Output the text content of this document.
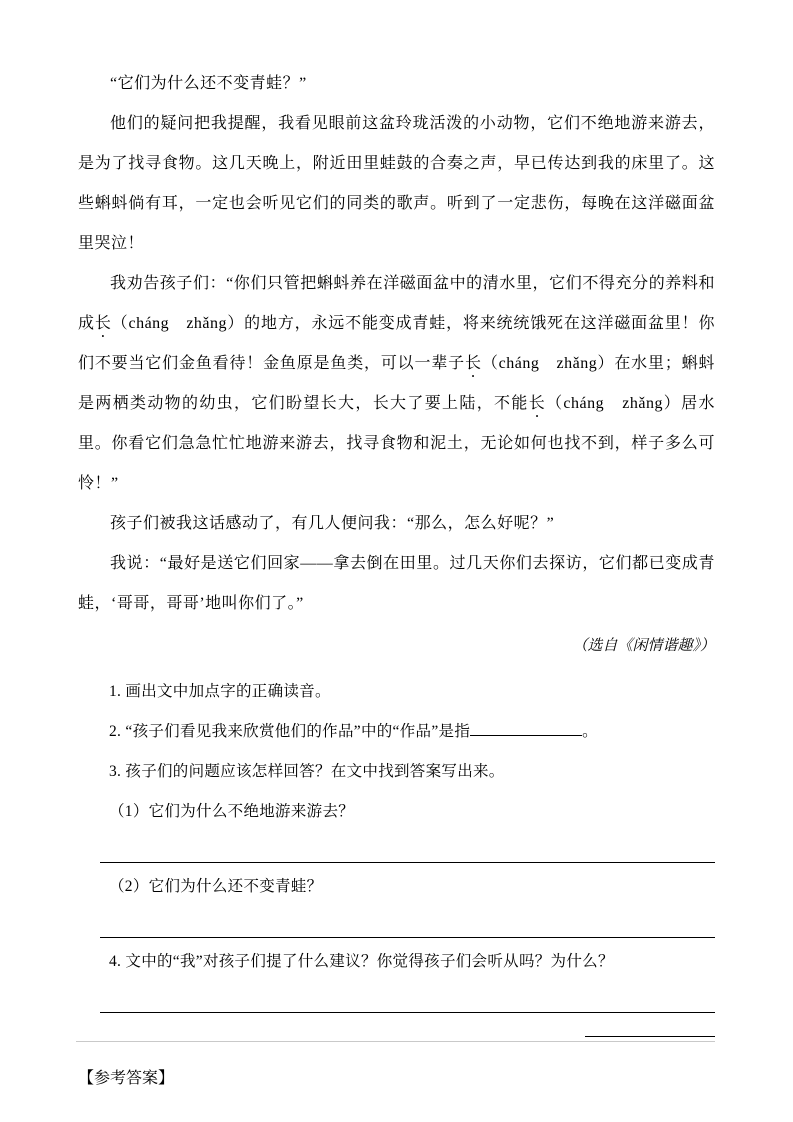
“它们为什么还不变青蛙？”

他们的疑问把我提醒，我看见眼前这盆玲珑活泼的小动物，它们不绝地游来游去，是为了找寻食物。这几天晚上，附近田里蛙鼓的合奏之声，早已传达到我的床里了。这些蝌蚪倘有耳，一定也会听见它们的同类的歌声。听到了一定悲伤，每晚在这洋磁面盆里哭泣！

我劝告孩子们：“你们只管把蝌蚪养在洋磁面盆中的清水里，它们不得充分的养料和成长（cháng　zhǎng）的地方，永远不能变成青蛙，将来统统饿死在这洋磁面盆里！你们不要当它们金鱼看待！金鱼原是鱼类，可以一辈子长（cháng　zhǎng）在水里；蝌蚪是两栖类动物的幼虫，它们盼望长大，长大了要上陆，不能长（cháng　zhǎng）居水里。你看它们急急忙忙地游来游去，找寻食物和泥土，无论如何也找不到，样子多么可怜！”

孩子们被我这话感动了，有几人便问我：“那么，怎么好呢？”

我说：“最好是送它们回家——拿去倒在田里。过几天你们去探访，它们都已变成青蛙，‘哥哥，哥哥’地叫你们了。”

（选自《闲情谐趣》）

1. 画出文中加点字的正确读音。

2. “孩子们看见我来欣赏他们的作品”中的“作品”是指	。

3. 孩子们的问题应该怎样回答？在文中找到答案写出来。

（1）它们为什么不绝地游来游去？

（2）它们为什么还不变青蛙？

4. 文中的“我”对孩子们提了什么建议？你觉得孩子们会听从吗？为什么？

【参考答案】
